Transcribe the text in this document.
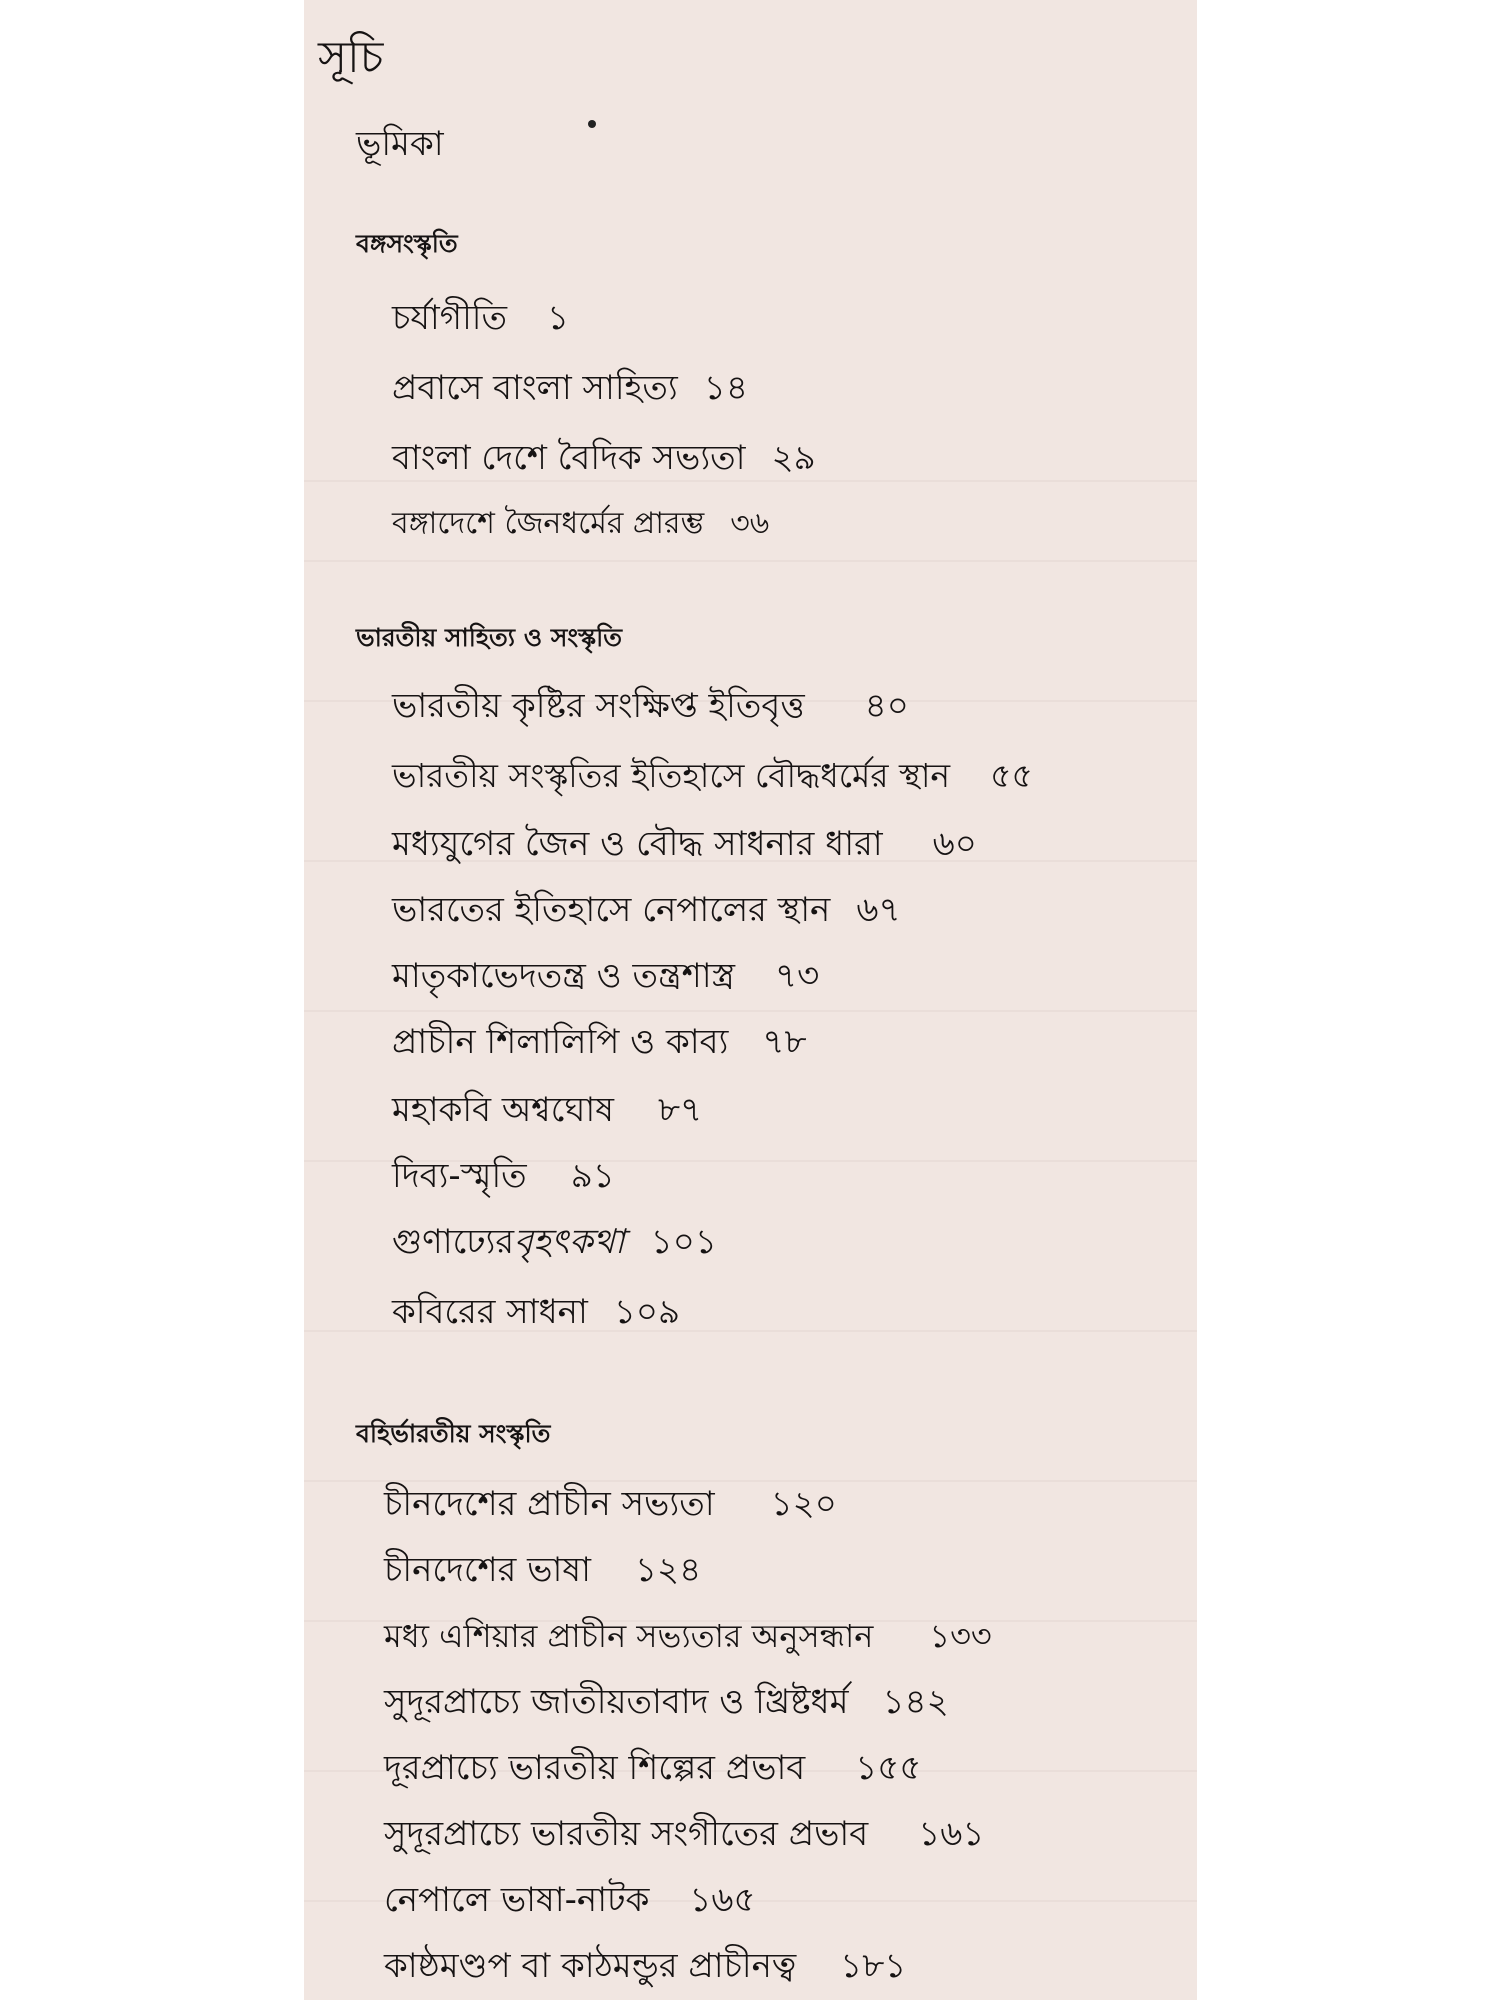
সূচি
ভূমিকা
বঙ্গসংস্কৃতি
চর্যাগীতি ১
প্রবাসে বাংলা সাহিত্য ১৪
বাংলা দেশে বৈদিক সভ্যতা ২৯
বঙ্গাদেশে জৈনধর্মের প্রারম্ভ ৩৬
ভারতীয় সাহিত্য ও সংস্কৃতি
ভারতীয় কৃষ্টির সংক্ষিপ্ত ইতিবৃত্ত ৪০
ভারতীয় সংস্কৃতির ইতিহাসে বৌদ্ধধর্মের স্থান ৫৫
মধ্যযুগের জৈন ও বৌদ্ধ সাধনার ধারা ৬০
ভারতের ইতিহাসে নেপালের স্থান ৬৭
মাতৃকাভেদতন্ত্র ও তন্ত্রশাস্ত্র ৭৩
প্রাচীন শিলালিপি ও কাব্য ৭৮
মহাকবি অশ্বঘোষ ৮৭
দিব্য-স্মৃতি ৯১
গুণাঢ্যেরবৃহৎকথা ১০১
কবিরের সাধনা ১০৯
বহির্ভারতীয় সংস্কৃতি
চীনদেশের প্রাচীন সভ্যতা ১২০
চীনদেশের ভাষা ১২৪
মধ্য এশিয়ার প্রাচীন সভ্যতার অনুসন্ধান ১৩৩
সুদূরপ্রাচ্যে জাতীয়তাবাদ ও খ্রিষ্টধর্ম ১৪২
দূরপ্রাচ্যে ভারতীয় শিল্পের প্রভাব ১৫৫
সুদূরপ্রাচ্যে ভারতীয় সংগীতের প্রভাব ১৬১
নেপালে ভাষা-নাটক ১৬৫
কাষ্ঠমণ্ডপ বা কাঠমন্ডুর প্রাচীনত্ব ১৮১
